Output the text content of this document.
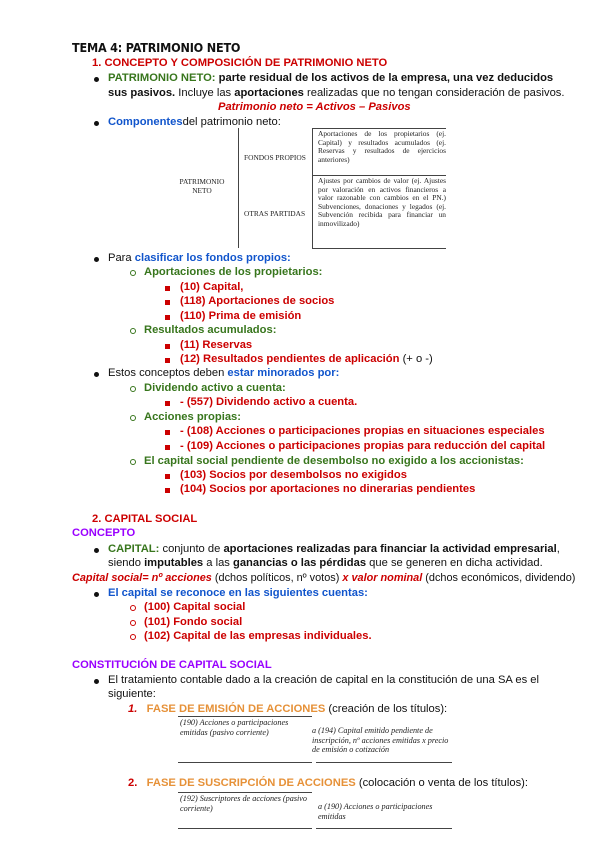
TEMA 4: PATRIMONIO NETO
1. CONCEPTO Y COMPOSICIÓN DE PATRIMONIO NETO
PATRIMONIO NETO: parte residual de los activos de la empresa, una vez deducidos
sus pasivos. Incluye las aportaciones realizadas que no tengan consideración de pasivos.
Patrimonio neto = Activos – Pasivos
Componentesdel patrimonio neto:
PATRIMONIO NETO
FONDOS PROPIOS
OTRAS PARTIDAS
Aportaciones de los propietarios (ej. Capital) y resultados acumulados (ej. Reservas y resultados de ejercicios anteriores)
Ajustes por cambios de valor (ej. Ajustes por valoración en activos financieros a valor razonable con cambios en el PN.) Subvenciones, donaciones y legados (ej. Subvención recibida para financiar un inmovilizado)
Para clasificar los fondos propios:
Aportaciones de los propietarios:
(10) Capital,
(118) Aportaciones de socios
(110) Prima de emisión
Resultados acumulados:
(11) Reservas
(12) Resultados pendientes de aplicación (+ o -)
Estos conceptos deben estar minorados por:
Dividendo activo a cuenta:
- (557) Dividendo activo a cuenta.
Acciones propias:
- (108) Acciones o participaciones propias en situaciones especiales
- (109) Acciones o participaciones propias para reducción del capital
El capital social pendiente de desembolso no exigido a los accionistas:
(103) Socios por desembolsos no exigidos
(104) Socios por aportaciones no dinerarias pendientes
2. CAPITAL SOCIAL
CONCEPTO
CAPITAL: conjunto de aportaciones realizadas para financiar la actividad empresarial,
siendo imputables a las ganancias o las pérdidas que se generen en dicha actividad.
Capital social= nº acciones (dchos políticos, nº votos) x valor nominal (dchos económicos, dividendo)
El capital se reconoce en las siguientes cuentas:
(100) Capital social
(101) Fondo social
(102) Capital de las empresas individuales.
CONSTITUCIÓN DE CAPITAL SOCIAL
El tratamiento contable dado a la creación de capital en la constitución de una SA es el
siguiente:
1. FASE DE EMISIÓN DE ACCIONES (creación de los títulos):
(190) Acciones o participaciones emitidas (pasivo corriente)	a (194) Capital emitido pendiente de inscripción, nº acciones emitidas x precio de emisión o cotización
2. FASE DE SUSCRIPCIÓN DE ACCIONES (colocación o venta de los títulos):
(192) Suscriptores de acciones (pasivo corriente)	a (190) Acciones o participaciones emitidas
